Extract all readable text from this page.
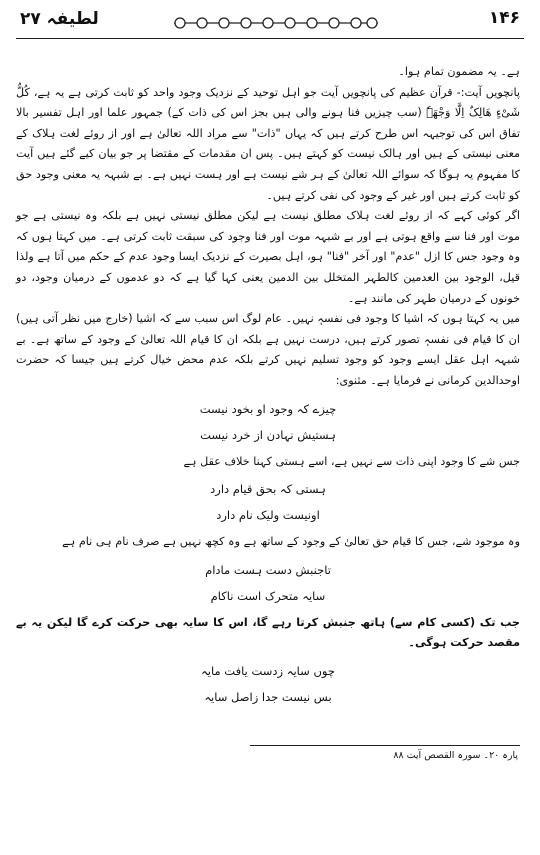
۱۴۶
لطیفہ ۲۷

ہے۔ یہ مضمون تمام ہوا۔

پانچویں آیت:- قرآن عظیم کی پانچویں آیت جو اہل توحید کے نزدیک وجود واحد کو ثابت کرتی ہے یہ ہے، کُلُّ شَیْءٍ ھَالِکٌ اِلَّا وَجْھَہٗ (سب چیزیں فنا ہونے والی ہیں بجز اس کی ذات کے) جمہور علما اور اہل تفسیر بالا تفاق اس کی توجیہہ اس طرح کرتے ہیں کہ یہاں "ذات" سے مراد اللہ تعالیٰ ہے اور از روئے لغت ہلاک کے معنی نیستی کے ہیں اور ہالک نیست کو کہتے ہیں۔ پس ان مقدمات کے مقتضا پر جو بیان کیے گئے ہیں آیت کا مفہوم یہ ہوگا کہ سوائے اللہ تعالیٰ کے ہر شے نیست ہے اور ہست نہیں ہے۔ بے شبہہ یہ معنی وجود حق کو ثابت کرتے ہیں اور غیر کے وجود کی نفی کرتے ہیں۔

اگر کوئی کہے کہ از روئے لغت ہلاک مطلق نیست ہے لیکن مطلق نیستی نہیں ہے بلکہ وہ نیستی ہے جو موت اور فنا سے واقع ہوتی ہے اور بے شبہہ موت اور فنا وجود کی سبقت ثابت کرتی ہے۔ میں کہتا ہوں کہ وہ وجود جس کا ازل "عدم" اور آخر "فنا" ہو، اہل بصیرت کے نزدیک ایسا وجود عدم کے حکم میں آتا ہے ولذا قیل، الوجود بین العدمین کالطہر المتخلل بین الدمین یعنی کہا گیا ہے کہ دو عدموں کے درمیان وجود، دو خونوں کے درمیان طہر کی مانند ہے۔

میں یہ کہتا ہوں کہ اشیا کا وجود فی نفسہٖ نہیں۔ عام لوگ اس سبب سے کہ اشیا (خارج میں نظر آتی ہیں) ان کا قیام فی نفسہٖ تصور کرتے ہیں، درست نہیں ہے بلکہ ان کا قیام اللہ تعالیٰ کے وجود کے ساتھ ہے۔ بے شبہہ اہل عقل ایسے وجود کو وجود تسلیم نہیں کرتے بلکہ عدم محض خیال کرتے ہیں جیسا کہ حضرت اوحدالدین کرمانی نے فرمایا ہے۔ مثنوی:

چیزے کہ وجود او بخود نیست
ہستیش نہادن از خرد نیست

جس شے کا وجود اپنی ذات سے نہیں ہے، اسے ہستی کہنا خلاف عقل ہے

ہستی کہ بحق قیام دارد
اونیست ولیک نام دارد

وہ موجود شے، جس کا قیام حق تعالیٰ کے وجود کے ساتھ ہے وہ کچھ نہیں ہے صرف نام ہی نام ہے

تاجنبش دست ہست مادام
سایہ متحرک است ناکام

جب تک (کسی کام سے) ہاتھ جنبش کرتا رہے گا، اس کا سایہ بھی حرکت کرے گا لیکن یہ بے مقصد حرکت ہوگی۔

چوں سایہ زدست یافت مایہ
بس نیست جدا زاصل سایہ
پارہ ۲۰۔ سورہ القصص آیت ۸۸
